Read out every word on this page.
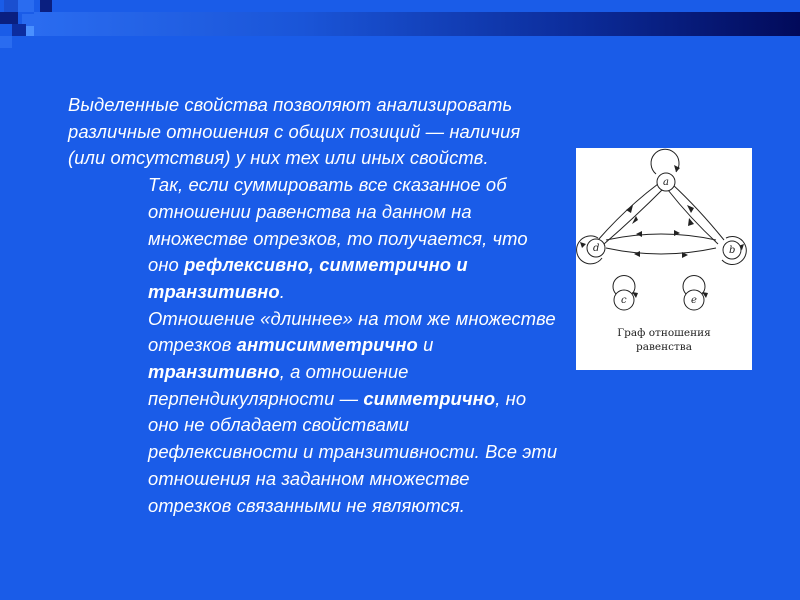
Выделенные свойства позволяют анализировать различные отношения с общих позиций — наличия (или отсутствия) у них тех или иных свойств.

Так, если суммировать все сказанное об отношении равенства на данном на множестве отрезков, то получается, что оно рефлексивно, симметрично и транзитивно.

Отношение «длиннее» на том же множестве отрезков антисимметрично и транзитивно, а отношение перпендикулярности — симметрично, но оно не обладает свойствами рефлексивности и транзитивности. Все эти отношения на заданном множестве отрезков связанными не являются.

a
b
c
d
e
Граф отношения
равенства
